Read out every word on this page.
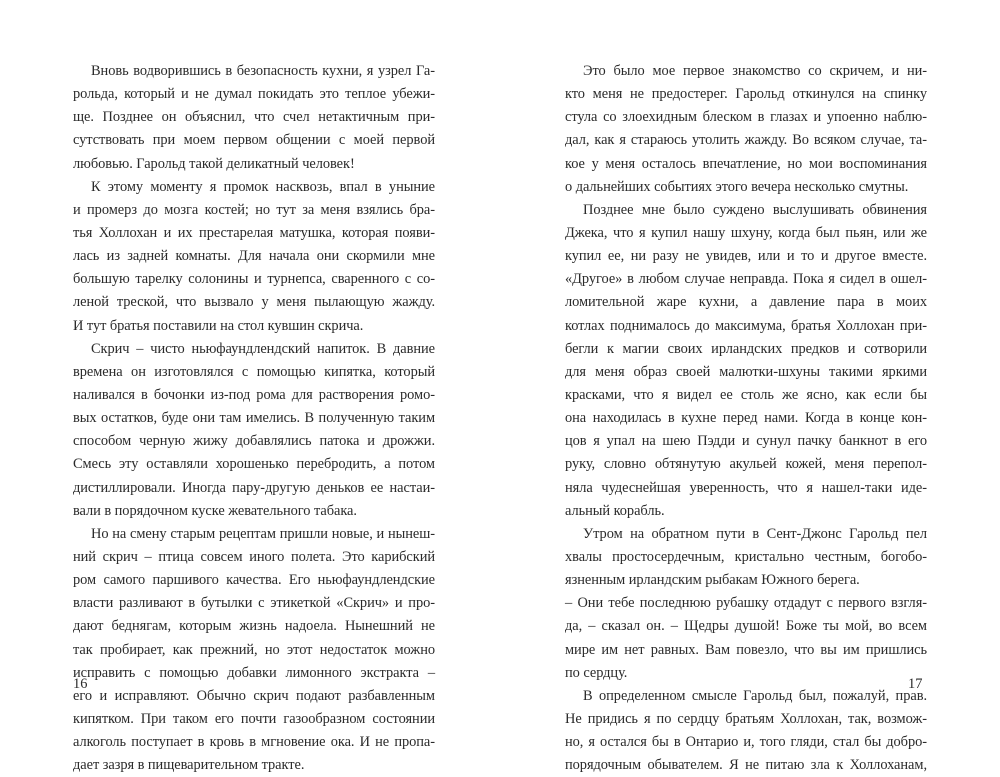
Вновь водворившись в безопасность кухни, я узрел Га-
рольда, который и не думал покидать это теплое убежи-
ще. Позднее он объяснил, что счел нетактичным при-
сутствовать при моем первом общении с моей первой
любовью. Гарольд такой деликатный человек!
К этому моменту я промок насквозь, впал в уныние
и промерз до мозга костей; но тут за меня взялись бра-
тья Холлохан и их престарелая матушка, которая появи-
лась из задней комнаты. Для начала они скормили мне
большую тарелку солонины и турнепса, сваренного с со-
леной треской, что вызвало у меня пылающую жажду.
И тут братья поставили на стол кувшин скрича.
Скрич – чисто ньюфаундлендский напиток. В давние
времена он изготовлялся с помощью кипятка, который
наливался в бочонки из-под рома для растворения ромо-
вых остатков, буде они там имелись. В полученную таким
способом черную жижу добавлялись патока и дрожжи.
Смесь эту оставляли хорошенько перебродить, а потом
дистиллировали. Иногда пару-другую деньков ее настаи-
вали в порядочном куске жевательного табака.
Но на смену старым рецептам пришли новые, и нынеш-
ний скрич – птица совсем иного полета. Это карибский
ром самого паршивого качества. Его ньюфаундлендские
власти разливают в бутылки с этикеткой «Скрич» и про-
дают беднягам, которым жизнь надоела. Нынешний не
так пробирает, как прежний, но этот недостаток можно
исправить с помощью добавки лимонного экстракта –
его и исправляют. Обычно скрич подают разбавленным
кипятком. При таком его почти газообразном состоянии
алкоголь поступает в кровь в мгновение ока. И не пропа-
дает зазря в пищеварительном тракте.
Это было мое первое знакомство со скричем, и ни-
кто меня не предостерег. Гарольд откинулся на спинку
стула со злоехидным блеском в глазах и упоенно наблю-
дал, как я стараюсь утолить жажду. Во всяком случае, та-
кое у меня осталось впечатление, но мои воспоминания
о дальнейших событиях этого вечера несколько смутны.
Позднее мне было суждено выслушивать обвинения
Джека, что я купил нашу шхуну, когда был пьян, или же
купил ее, ни разу не увидев, или и то и другое вместе.
«Другое» в любом случае неправда. Пока я сидел в ошел-
ломительной жаре кухни, а давление пара в моих
котлах поднималось до максимума, братья Холлохан при-
бегли к магии своих ирландских предков и сотворили
для меня образ своей малютки-шхуны такими яркими
красками, что я видел ее столь же ясно, как если бы
она находилась в кухне перед нами. Когда в конце кон-
цов я упал на шею Пэдди и сунул пачку банкнот в его
руку, словно обтянутую акульей кожей, меня перепол-
няла чудеснейшая уверенность, что я нашел-таки иде-
альный корабль.
Утром на обратном пути в Сент-Джонс Гарольд пел
хвалы простосердечным, кристально честным, богобо-
язненным ирландским рыбакам Южного берега.
– Они тебе последнюю рубашку отдадут с первого взгля-
да, – сказал он. – Щедры душой! Боже ты мой, во всем
мире им нет равных. Вам повезло, что вы им пришлись
по сердцу.
В определенном смысле Гарольд был, пожалуй, прав.
Не придись я по сердцу братьям Холлохан, так, возмож-
но, я остался бы в Онтарио и, того гляди, стал бы добро-
порядочным обывателем. Я не питаю зла к Холлоханам,
16	17
